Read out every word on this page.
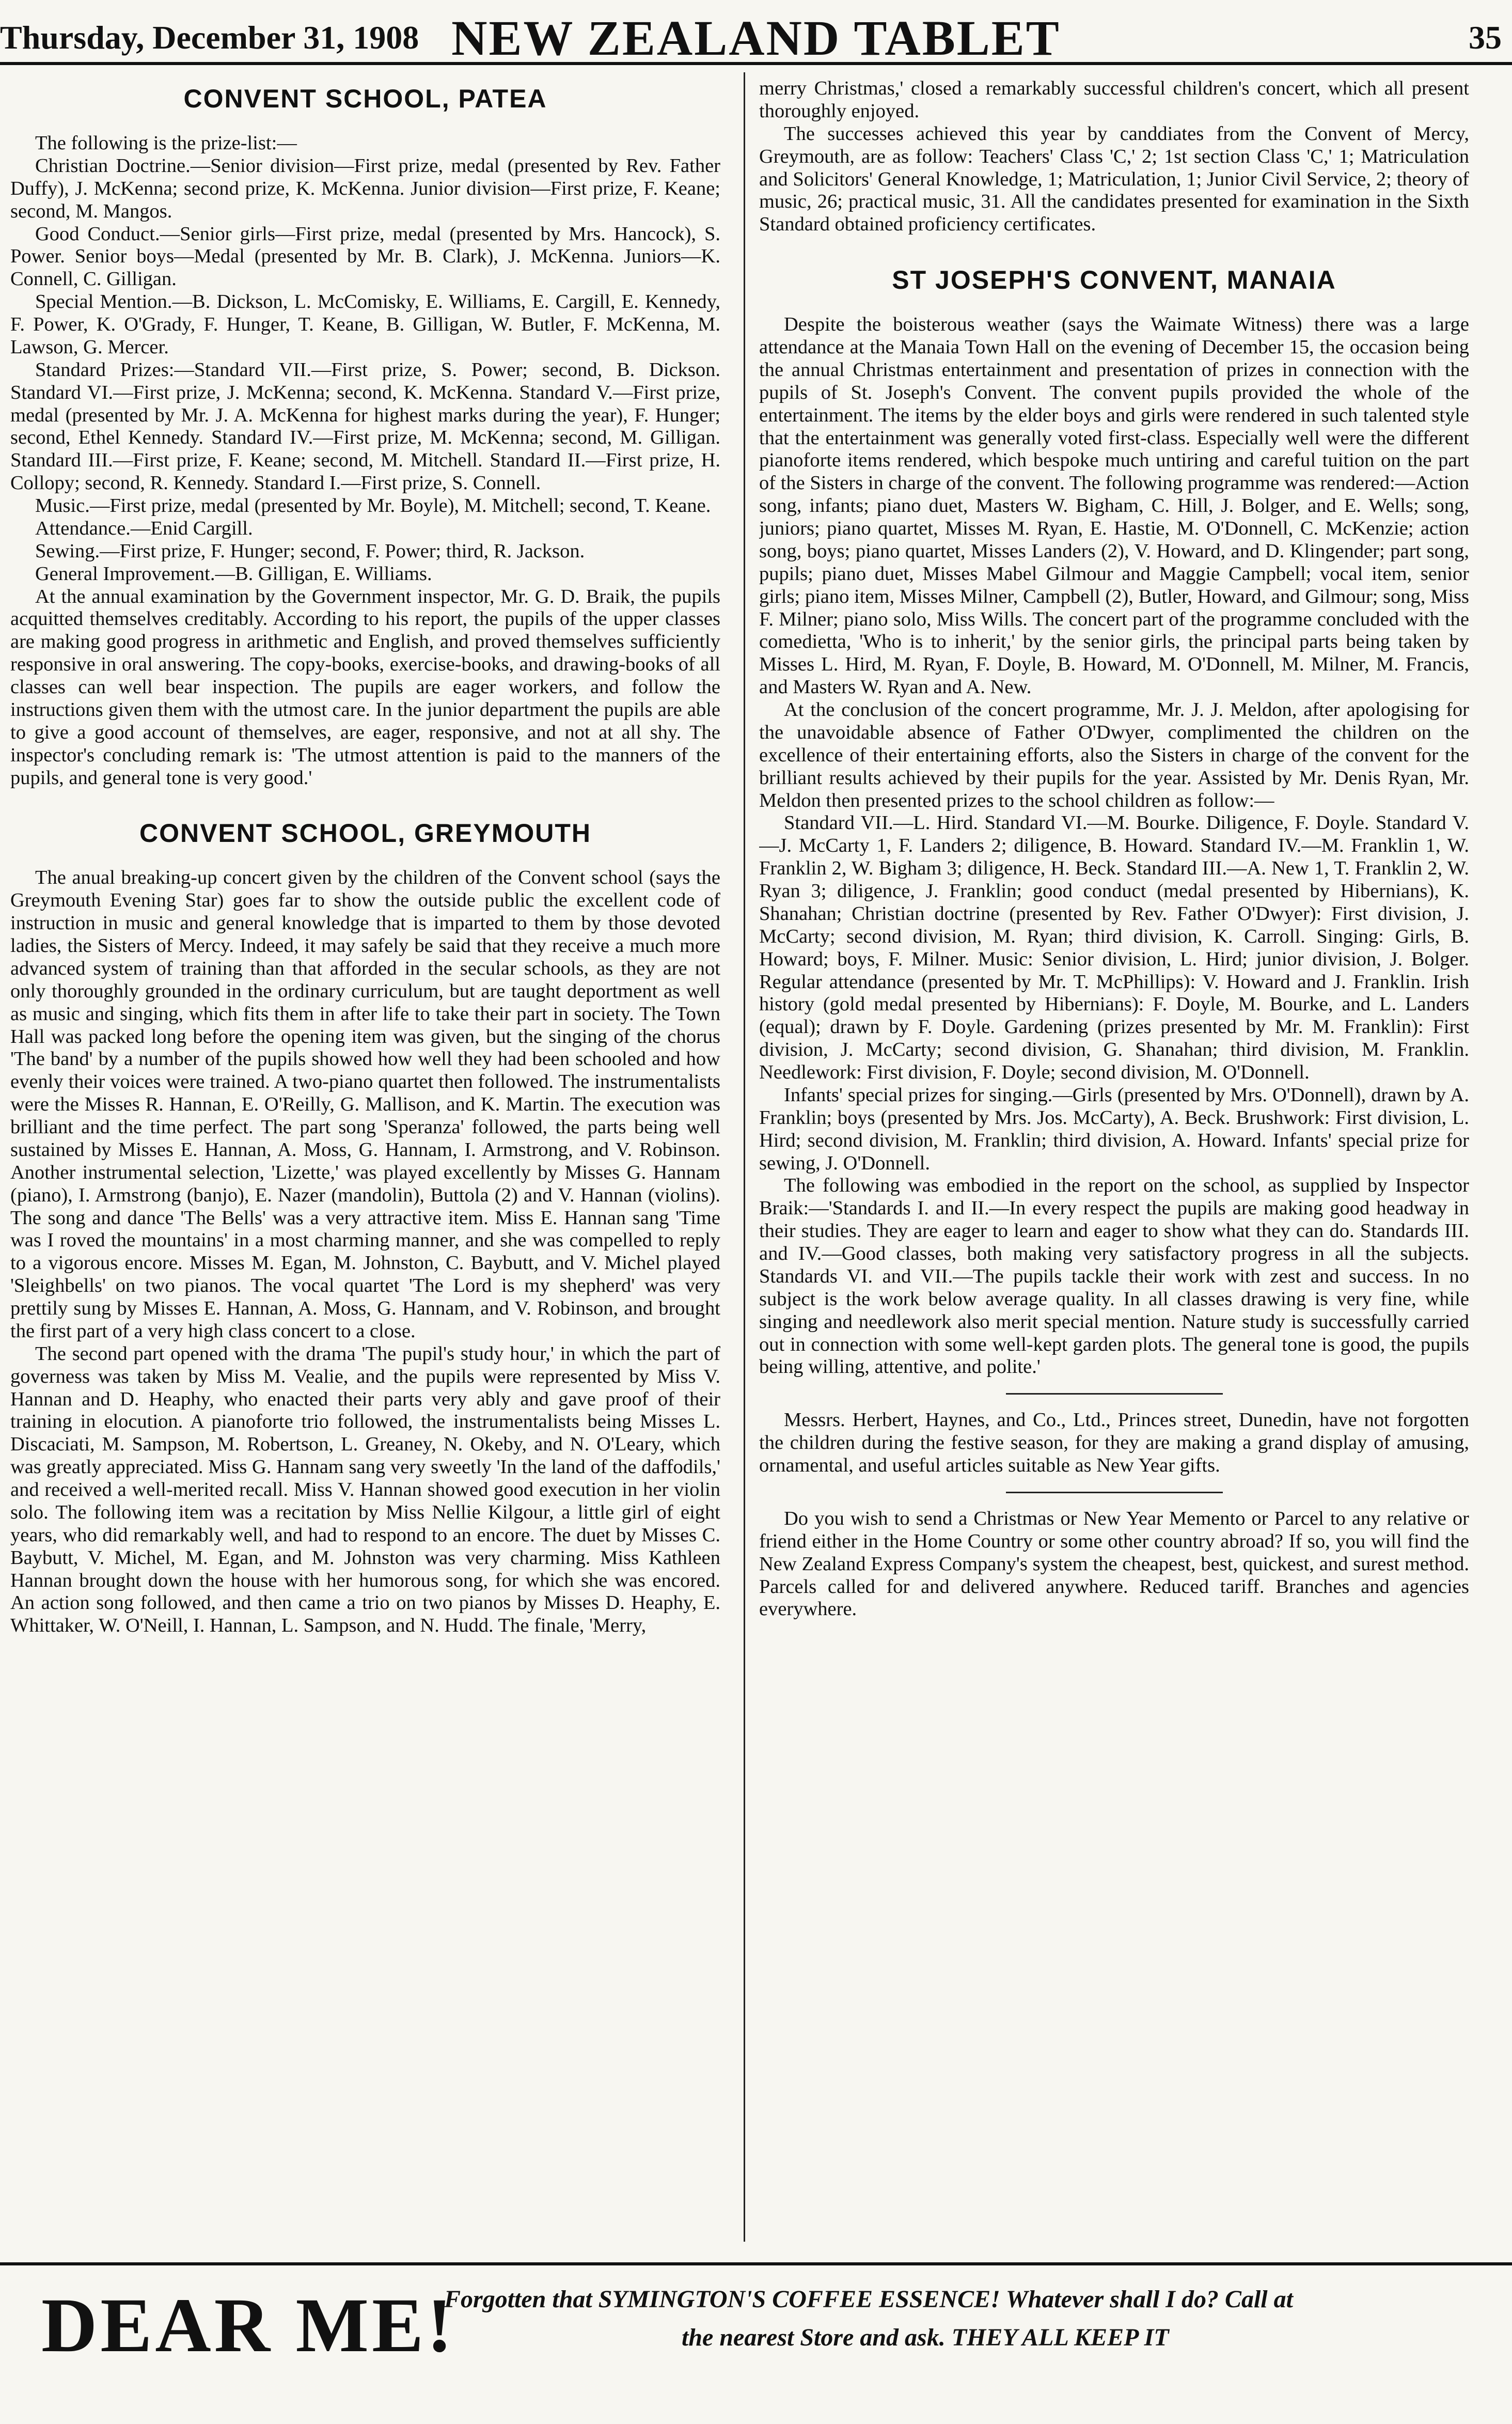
Thursday, December 31, 1908 NEW ZEALAND TABLET	35
CONVENT SCHOOL, PATEA

The following is the prize-list:—

Christian Doctrine.—Senior division—First prize, medal (presented by Rev. Father Duffy), J. McKenna; second prize, K. McKenna. Junior division—First prize, F. Keane; second, M. Mangos.

Good Conduct.—Senior girls—First prize, medal (presented by Mrs. Hancock), S. Power. Senior boys—Medal (presented by Mr. B. Clark), J. McKenna. Juniors—K. Connell, C. Gilligan.

Special Mention.—B. Dickson, L. McComisky, E. Williams, E. Cargill, E. Kennedy, F. Power, K. O'Grady, F. Hunger, T. Keane, B. Gilligan, W. Butler, F. McKenna, M. Lawson, G. Mercer.

Standard Prizes:—Standard VII.—First prize, S. Power; second, B. Dickson. Standard VI.—First prize, J. McKenna; second, K. McKenna. Standard V.—First prize, medal (presented by Mr. J. A. McKenna for highest marks during the year), F. Hunger; second, Ethel Kennedy. Standard IV.—First prize, M. McKenna; second, M. Gilligan. Standard III.—First prize, F. Keane; second, M. Mitchell. Standard II.—First prize, H. Collopy; second, R. Kennedy. Standard I.—First prize, S. Connell.

Music.—First prize, medal (presented by Mr. Boyle), M. Mitchell; second, T. Keane.

Attendance.—Enid Cargill.

Sewing.—First prize, F. Hunger; second, F. Power; third, R. Jackson.

General Improvement.—B. Gilligan, E. Williams.

At the annual examination by the Government inspector, Mr. G. D. Braik, the pupils acquitted themselves creditably. According to his report, the pupils of the upper classes are making good progress in arithmetic and English, and proved themselves sufficiently responsive in oral answering. The copy-books, exercise-books, and drawing-books of all classes can well bear inspection. The pupils are eager workers, and follow the instructions given them with the utmost care. In the junior department the pupils are able to give a good account of themselves, are eager, responsive, and not at all shy. The inspector's concluding remark is: 'The utmost attention is paid to the manners of the pupils, and general tone is very good.'

CONVENT SCHOOL, GREYMOUTH

The anual breaking-up concert given by the children of the Convent school (says the Greymouth Evening Star) goes far to show the outside public the excellent code of instruction in music and general knowledge that is imparted to them by those devoted ladies, the Sisters of Mercy. Indeed, it may safely be said that they receive a much more advanced system of training than that afforded in the secular schools, as they are not only thoroughly grounded in the ordinary curriculum, but are taught deportment as well as music and singing, which fits them in after life to take their part in society. The Town Hall was packed long before the opening item was given, but the singing of the chorus 'The band' by a number of the pupils showed how well they had been schooled and how evenly their voices were trained. A two-piano quartet then followed. The instrumentalists were the Misses R. Hannan, E. O'Reilly, G. Mallison, and K. Martin. The execution was brilliant and the time perfect. The part song 'Speranza' followed, the parts being well sustained by Misses E. Hannan, A. Moss, G. Hannam, I. Armstrong, and V. Robinson. Another instrumental selection, 'Lizette,' was played excellently by Misses G. Hannam (piano), I. Armstrong (banjo), E. Nazer (mandolin), Buttola (2) and V. Hannan (violins). The song and dance 'The Bells' was a very attractive item. Miss E. Hannan sang 'Time was I roved the mountains' in a most charming manner, and she was compelled to reply to a vigorous encore. Misses M. Egan, M. Johnston, C. Baybutt, and V. Michel played 'Sleighbells' on two pianos. The vocal quartet 'The Lord is my shepherd' was very prettily sung by Misses E. Hannan, A. Moss, G. Hannam, and V. Robinson, and brought the first part of a very high class concert to a close.

The second part opened with the drama 'The pupil's study hour,' in which the part of governess was taken by Miss M. Vealie, and the pupils were represented by Miss V. Hannan and D. Heaphy, who enacted their parts very ably and gave proof of their training in elocution. A pianoforte trio followed, the instrumentalists being Misses L. Discaciati, M. Sampson, M. Robertson, L. Greaney, N. Okeby, and N. O'Leary, which was greatly appreciated. Miss G. Hannam sang very sweetly 'In the land of the daffodils,' and received a well-merited recall. Miss V. Hannan showed good execution in her violin solo. The following item was a recitation by Miss Nellie Kilgour, a little girl of eight years, who did remarkably well, and had to respond to an encore. The duet by Misses C. Baybutt, V. Michel, M. Egan, and M. Johnston was very charming. Miss Kathleen Hannan brought down the house with her humorous song, for which she was encored. An action song followed, and then came a trio on two pianos by Misses D. Heaphy, E. Whittaker, W. O'Neill, I. Hannan, L. Sampson, and N. Hudd. The finale, 'Merry,

merry Christmas,' closed a remarkably successful children's concert, which all present thoroughly enjoyed.

The successes achieved this year by canddiates from the Convent of Mercy, Greymouth, are as follow: Teachers' Class 'C,' 2; 1st section Class 'C,' 1; Matriculation and Solicitors' General Knowledge, 1; Matriculation, 1; Junior Civil Service, 2; theory of music, 26; practical music, 31. All the candidates presented for examination in the Sixth Standard obtained proficiency certificates.

ST JOSEPH'S CONVENT, MANAIA

Despite the boisterous weather (says the Waimate Witness) there was a large attendance at the Manaia Town Hall on the evening of December 15, the occasion being the annual Christmas entertainment and presentation of prizes in connection with the pupils of St. Joseph's Convent. The convent pupils provided the whole of the entertainment. The items by the elder boys and girls were rendered in such talented style that the entertainment was generally voted first-class. Especially well were the different pianoforte items rendered, which bespoke much untiring and careful tuition on the part of the Sisters in charge of the convent. The following programme was rendered:—Action song, infants; piano duet, Masters W. Bigham, C. Hill, J. Bolger, and E. Wells; song, juniors; piano quartet, Misses M. Ryan, E. Hastie, M. O'Donnell, C. McKenzie; action song, boys; piano quartet, Misses Landers (2), V. Howard, and D. Klingender; part song, pupils; piano duet, Misses Mabel Gilmour and Maggie Campbell; vocal item, senior girls; piano item, Misses Milner, Campbell (2), Butler, Howard, and Gilmour; song, Miss F. Milner; piano solo, Miss Wills. The concert part of the programme concluded with the comedietta, 'Who is to inherit,' by the senior girls, the principal parts being taken by Misses L. Hird, M. Ryan, F. Doyle, B. Howard, M. O'Donnell, M. Milner, M. Francis, and Masters W. Ryan and A. New.

At the conclusion of the concert programme, Mr. J. J. Meldon, after apologising for the unavoidable absence of Father O'Dwyer, complimented the children on the excellence of their entertaining efforts, also the Sisters in charge of the convent for the brilliant results achieved by their pupils for the year. Assisted by Mr. Denis Ryan, Mr. Meldon then presented prizes to the school children as follow:—

Standard VII.—L. Hird. Standard VI.—M. Bourke. Diligence, F. Doyle. Standard V.—J. McCarty 1, F. Landers 2; diligence, B. Howard. Standard IV.—M. Franklin 1, W. Franklin 2, W. Bigham 3; diligence, H. Beck. Standard III.—A. New 1, T. Franklin 2, W. Ryan 3; diligence, J. Franklin; good conduct (medal presented by Hibernians), K. Shanahan; Christian doctrine (presented by Rev. Father O'Dwyer): First division, J. McCarty; second division, M. Ryan; third division, K. Carroll. Singing: Girls, B. Howard; boys, F. Milner. Music: Senior division, L. Hird; junior division, J. Bolger. Regular attendance (presented by Mr. T. McPhillips): V. Howard and J. Franklin. Irish history (gold medal presented by Hibernians): F. Doyle, M. Bourke, and L. Landers (equal); drawn by F. Doyle. Gardening (prizes presented by Mr. M. Franklin): First division, J. McCarty; second division, G. Shanahan; third division, M. Franklin. Needlework: First division, F. Doyle; second division, M. O'Donnell.

Infants' special prizes for singing.—Girls (presented by Mrs. O'Donnell), drawn by A. Franklin; boys (presented by Mrs. Jos. McCarty), A. Beck. Brushwork: First division, L. Hird; second division, M. Franklin; third division, A. Howard. Infants' special prize for sewing, J. O'Donnell.

The following was embodied in the report on the school, as supplied by Inspector Braik:—'Standards I. and II.—In every respect the pupils are making good headway in their studies. They are eager to learn and eager to show what they can do. Standards III. and IV.—Good classes, both making very satisfactory progress in all the subjects. Standards VI. and VII.—The pupils tackle their work with zest and success. In no subject is the work below average quality. In all classes drawing is very fine, while singing and needlework also merit special mention. Nature study is successfully carried out in connection with some well-kept garden plots. The general tone is good, the pupils being willing, attentive, and polite.'

Messrs. Herbert, Haynes, and Co., Ltd., Princes street, Dunedin, have not forgotten the children during the festive season, for they are making a grand display of amusing, ornamental, and useful articles suitable as New Year gifts.

Do you wish to send a Christmas or New Year Memento or Parcel to any relative or friend either in the Home Country or some other country abroad? If so, you will find the New Zealand Express Company's system the cheapest, best, quickest, and surest method. Parcels called for and delivered anywhere. Reduced tariff. Branches and agencies everywhere.

DEAR ME!
Forgotten that SYMINGTON'S COFFEE ESSENCE! Whatever shall I do? Call at
the nearest Store and ask. THEY ALL KEEP IT
